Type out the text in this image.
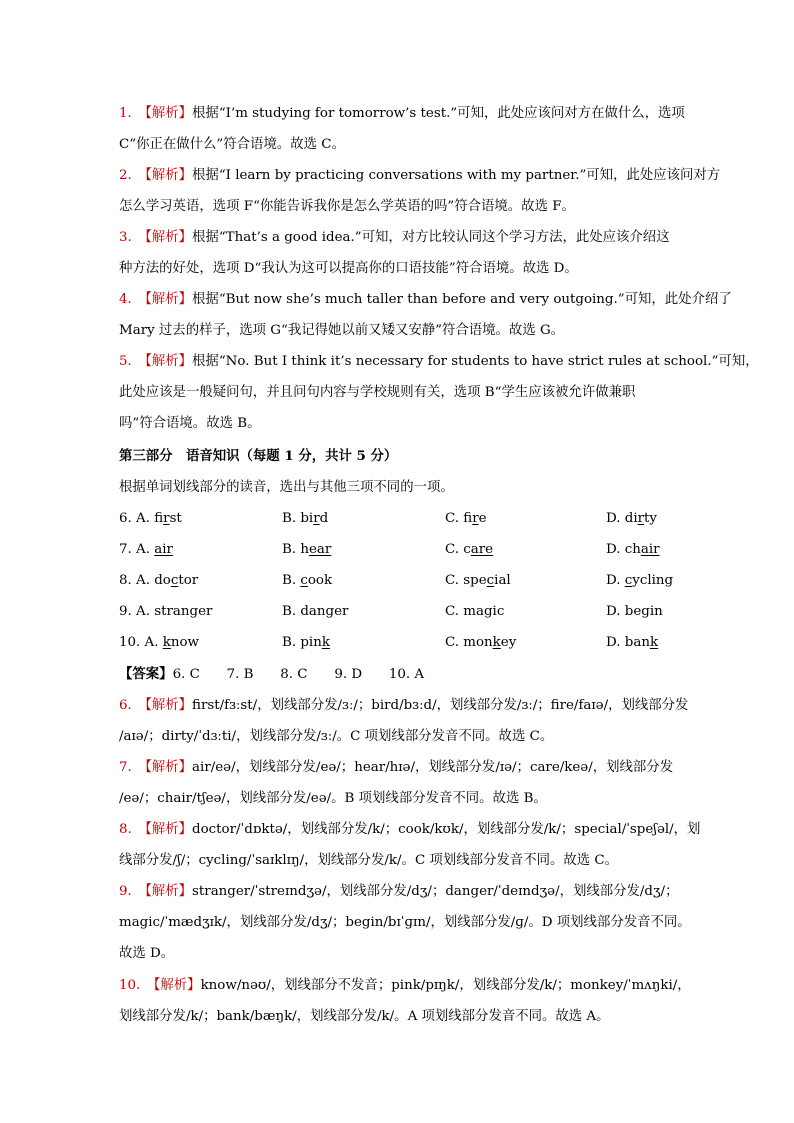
1.　 【解析】根据“I’m studying for tomorrow’s test.”可知，此处应该问对方在做什么，选项
C“你正在做什么”符合语境。故选 C。
2.　 【解析】根据“I learn by practicing conversations with my partner.”可知，此处应该问对方
怎么学习英语，选项 F“你能告诉我你是怎么学英语的吗”符合语境。故选 F。
3.　 【解析】根据“That’s a good idea.”可知，对方比较认同这个学习方法，此处应该介绍这
种方法的好处，选项 D“我认为这可以提高你的口语技能”符合语境。故选 D。
4.　 【解析】根据“But now she’s much taller than before and very outgoing.”可知，此处介绍了
Mary 过去的样子，选项 G“我记得她以前又矮又安静”符合语境。故选 G。
5.　 【解析】根据“No. But I think it’s necessary for students to have strict rules at school.”可知，
此处应该是一般疑问句，并且问句内容与学校规则有关，选项 B“学生应该被允许做兼职
吗”符合语境。故选 B。
第三部分　语音知识（每题 1 分，共计 5 分）
根据单词划线部分的读音，选出与其他三项不同的一项。
6. A. first	B. bird	C. fire	D. dirty
7. A. air	B. hear	C. care	D. chair
8. A. doctor	B. cook	C. special	D. cycling
9. A. stranger	B. danger	C. magic	D. begin
10. A. know	B. pink	C. monkey	D. bank
【答案】6. C　　7. B　　8. C　　9. D　　10. A
6.　 【解析】first/fɜːst/，划线部分发/ɜː/；bird/bɜːd/，划线部分发/ɜː/；fire/faɪə/，划线部分发
/aɪə/；dirty/ˈdɜːti/，划线部分发/ɜː/。C 项划线部分发音不同。故选 C。
7.　 【解析】air/eə/，划线部分发/eə/；hear/hɪə/，划线部分发/ɪə/；care/keə/，划线部分发
/eə/；chair/tʃeə/，划线部分发/eə/。B 项划线部分发音不同。故选 B。
8.　 【解析】doctor/ˈdɒktə/，划线部分发/k/；cook/kʊk/，划线部分发/k/；special/ˈspeʃəl/，划
线部分发/ʃ/；cycling/ˈsaɪklɪŋ/，划线部分发/k/。C 项划线部分发音不同。故选 C。
9.　 【解析】stranger/ˈstreɪndʒə/，划线部分发/dʒ/；danger/ˈdeɪndʒə/，划线部分发/dʒ/；
magic/ˈmædʒɪk/，划线部分发/dʒ/；begin/bɪˈɡɪn/，划线部分发/ɡ/。D 项划线部分发音不同。
故选 D。
10.　 【解析】know/nəʊ/，划线部分不发音；pink/pɪŋk/，划线部分发/k/；monkey/ˈmʌŋki/，
划线部分发/k/；bank/bæŋk/，划线部分发/k/。A 项划线部分发音不同。故选 A。
